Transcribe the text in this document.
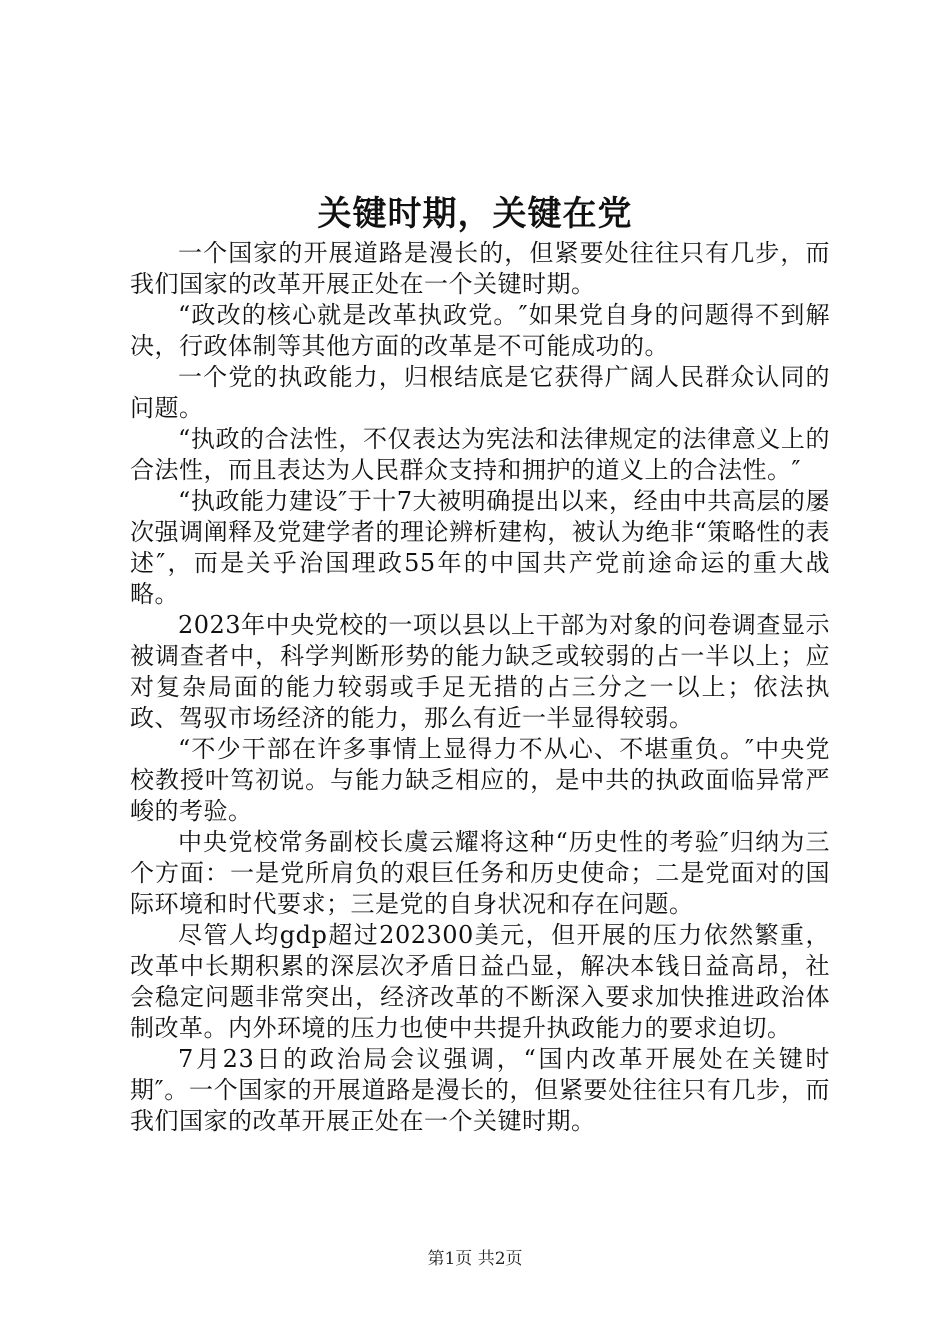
关键时期，关键在党

一个国家的开展道路是漫长的，但紧要处往往只有几步，而我们国家的改革开展正处在一个关键时期。

“政改的核心就是改革执政党。″如果党自身的问题得不到解决，行政体制等其他方面的改革是不可能成功的。

一个党的执政能力，归根结底是它获得广阔人民群众认同的问题。

“执政的合法性，不仅表达为宪法和法律规定的法律意义上的合法性，而且表达为人民群众支持和拥护的道义上的合法性。″

“执政能力建设″于十7大被明确提出以来，经由中共高层的屡次强调阐释及党建学者的理论辨析建构，被认为绝非“策略性的表述″，而是关乎治国理政55年的中国共产党前途命运的重大战略。

2023年中央党校的一项以县以上干部为对象的问卷调查显示被调查者中，科学判断形势的能力缺乏或较弱的占一半以上；应对复杂局面的能力较弱或手足无措的占三分之一以上；依法执政、驾驭市场经济的能力，那么有近一半显得较弱。

“不少干部在许多事情上显得力不从心、不堪重负。″中央党校教授叶笃初说。与能力缺乏相应的，是中共的执政面临异常严峻的考验。

中央党校常务副校长虞云耀将这种“历史性的考验″归纳为三个方面：一是党所肩负的艰巨任务和历史使命；二是党面对的国际环境和时代要求；三是党的自身状况和存在问题。

尽管人均gdp超过202300美元，但开展的压力依然繁重，改革中长期积累的深层次矛盾日益凸显，解决本钱日益高昂，社会稳定问题非常突出，经济改革的不断深入要求加快推进政治体制改革。内外环境的压力也使中共提升执政能力的要求迫切。

7月23日的政治局会议强调，“国内改革开展处在关键时期″。一个国家的开展道路是漫长的，但紧要处往往只有几步，而我们国家的改革开展正处在一个关键时期。

第1页 共2页
